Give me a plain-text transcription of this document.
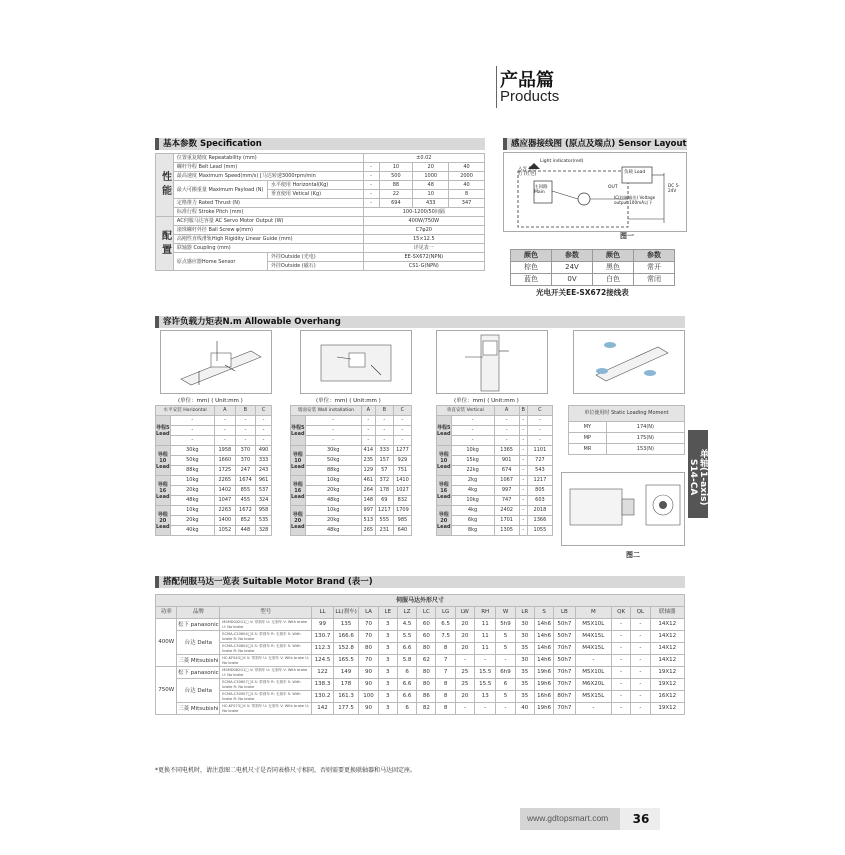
产品篇
Products
基本参数 Specification
性能	位置重复精度 Repeatability (mm)		±0.02			
	螺杆导程 Belt Lead (mm)		-	10	20	40
	最高速度 Maximum Speed(mm/s) [马达转速3000rpm/min		-	500	1000	2000
	最大可搬重量 Maximum Payload (N)	水平使用 Horizontal(Kg)	-	88	48	40
		垂直使用 Vetical (Kg)	-	22	10	8
	定格推力 Rated Thrust (N)		-	694	433	347
	标准行程 Stroke Pitch (mm)		100-1200/50间隔			
配置	AC伺服马达容量 AC Servo Motor Output (W)		400W/750W			
	滚珠螺杆外径 Ball Screw φ(mm)		C7φ20			
	高刚性直线滑轨High Rigidity Linear Guide (mm)		15×12.5			
	联轴器 Coupling (mm)		详见表一			
	原点感应器Home Sensor	外挂Outside (光电)	EE-SX672(NPN)			
		外挂Outside (磁石)	CS1-G(NPN)			
感应器接线图 (原点及端点) Sensor Layout
Light indicator(red)
入光 指示灯 (红色)
主回路 Main
负载 Load
OUT
IC(控制输出) Voltage output 100mA以下
DC 5-24V
图一
颜色	参数	颜色	参数
棕色	24V	黑色	常开
蓝色	0V	白色	常闭
光电开关EE-SX672接线表
容许负载力矩表N.m Allowable Overhang
(单位：mm) ( Unit:mm )	(单位：mm) ( Unit:mm )	(单位：mm) ( Unit:mm )
水平安装 Horizontal		A	B	C
导程5 Lead	-	-	-	-
	-	-	-	-
	-	-	-	-
导程10 Lead	30kg	1958	370	490
	50kg	1660	370	333
	88kg	1725	247	243
导程16 Lead	10kg	2265	1674	961
	20kg	1402	855	537
	48kg	1047	455	324
导程20 Lead	10kg	2263	1672	958
	20kg	1400	852	535
	40kg	1052	448	328
墙面安装 Wall installation		A	B	C
导程5 Lead	-	-	-	-
	-	-	-	-
	-	-	-	-
导程10 Lead	30kg	414	333	1277
	50kg	235	157	929
	88kg	129	57	751
导程16 Lead	10kg	461	372	1410
	20kg	264	178	1027
	48kg	148	69	832
导程20 Lead	10kg	997	1217	1709
	20kg	513	555	985
	48kg	265	231	640
垂直安装 Vertical		A	B	C
导程5 Lead	-	-	-	-
	-	-	-	-
	-	-	-	-
导程10 Lead	10kg	1365	-	1101
	15kg	901	-	727
	22kg	674	-	543
导程16 Lead	2kg	1067	-	1217
	4kg	997	-	805
	10kg	747	-	603
导程20 Lead	4kg	2402	-	2018
	6kg	1701	-	1366
	8kg	1305	-	1055
单位使用时 Static Loading Moment	
MY	174(N)
MP	175(N)
MR	153(N)
图二
单轴(1-axis) S14-CA
搭配伺服马达一览表 Suitable Motor Brand (表一)
伺服马达外形尺寸																			
功率	品牌	型号	LL	LL(刹车)	LA	LE	LZ	LC	LG	LW	RH	W	LR	S	LB	M	QK	QL	联轴器
400W	松下 panasonic	MSMD042G1□ V: 带刹车 U: 无刹车 V: With brake U: No brake	99	135	70	3	4.5	60	6.5	20	11	5h9	30	14h6	50h7	M5X10L	-	-	14X12
	台达 Delta	ECMA-C20604□S S: 带刹车 R: 无刹车 S: With brake R: No brake	130.7	166.6	70	3	5.5	60	7.5	20	11	5	30	14h6	50h7	M4X15L	-	-	14X12
		ECMA-C30804□S S: 带刹车 R: 无刹车 S: With brake R: No brake	112.3	152.8	80	3	6.6	80	8	20	11	5	35	14h6	70h7	M4X15L	-	-	14X12
	三菱 Mitsubishi	HC-KFS43□K V: 带刹车 U: 无刹车 V: With brake U: No brake	124.5	165.5	70	3	5.8	62	7	-	-	-	30	14h6	50h7	-	-	-	14X12
750W	松下 panasonic	MSMD082G1□ V: 带刹车 U: 无刹车 V: With brake U: No brake	122	149	90	3	6	80	7	25	15.5	6h9	35	19h6	70h7	M5X10L	-	-	19X12
	台达 Delta	ECMA-C30807□S S: 带刹车 R: 无刹车 S: With brake R: No brake	138.3	178	90	3	6.6	80	8	25	15.5	6	35	19h6	70h7	M6X20L	-	-	19X12
		ECMA-C30907□S S: 带刹车 R: 无刹车 S: With brake R: No brake	130.2	161.3	100	3	6.6	86	8	20	13	5	35	16h6	80h7	M5X15L	-	-	16X12
	三菱 Mitsubishi	HC-KFS73□K V: 带刹车 U: 无刹车 V: With brake U: No brake	142	177.5	90	3	6	82	8	-	-	-	40	19h6	70h7	-	-	-	19X12
*更换不同电机时，请注意图二电机尺寸是否同表格尺寸相同，否则需要更换联轴器和马达固定座。
www.gdtopsmart.com	36
